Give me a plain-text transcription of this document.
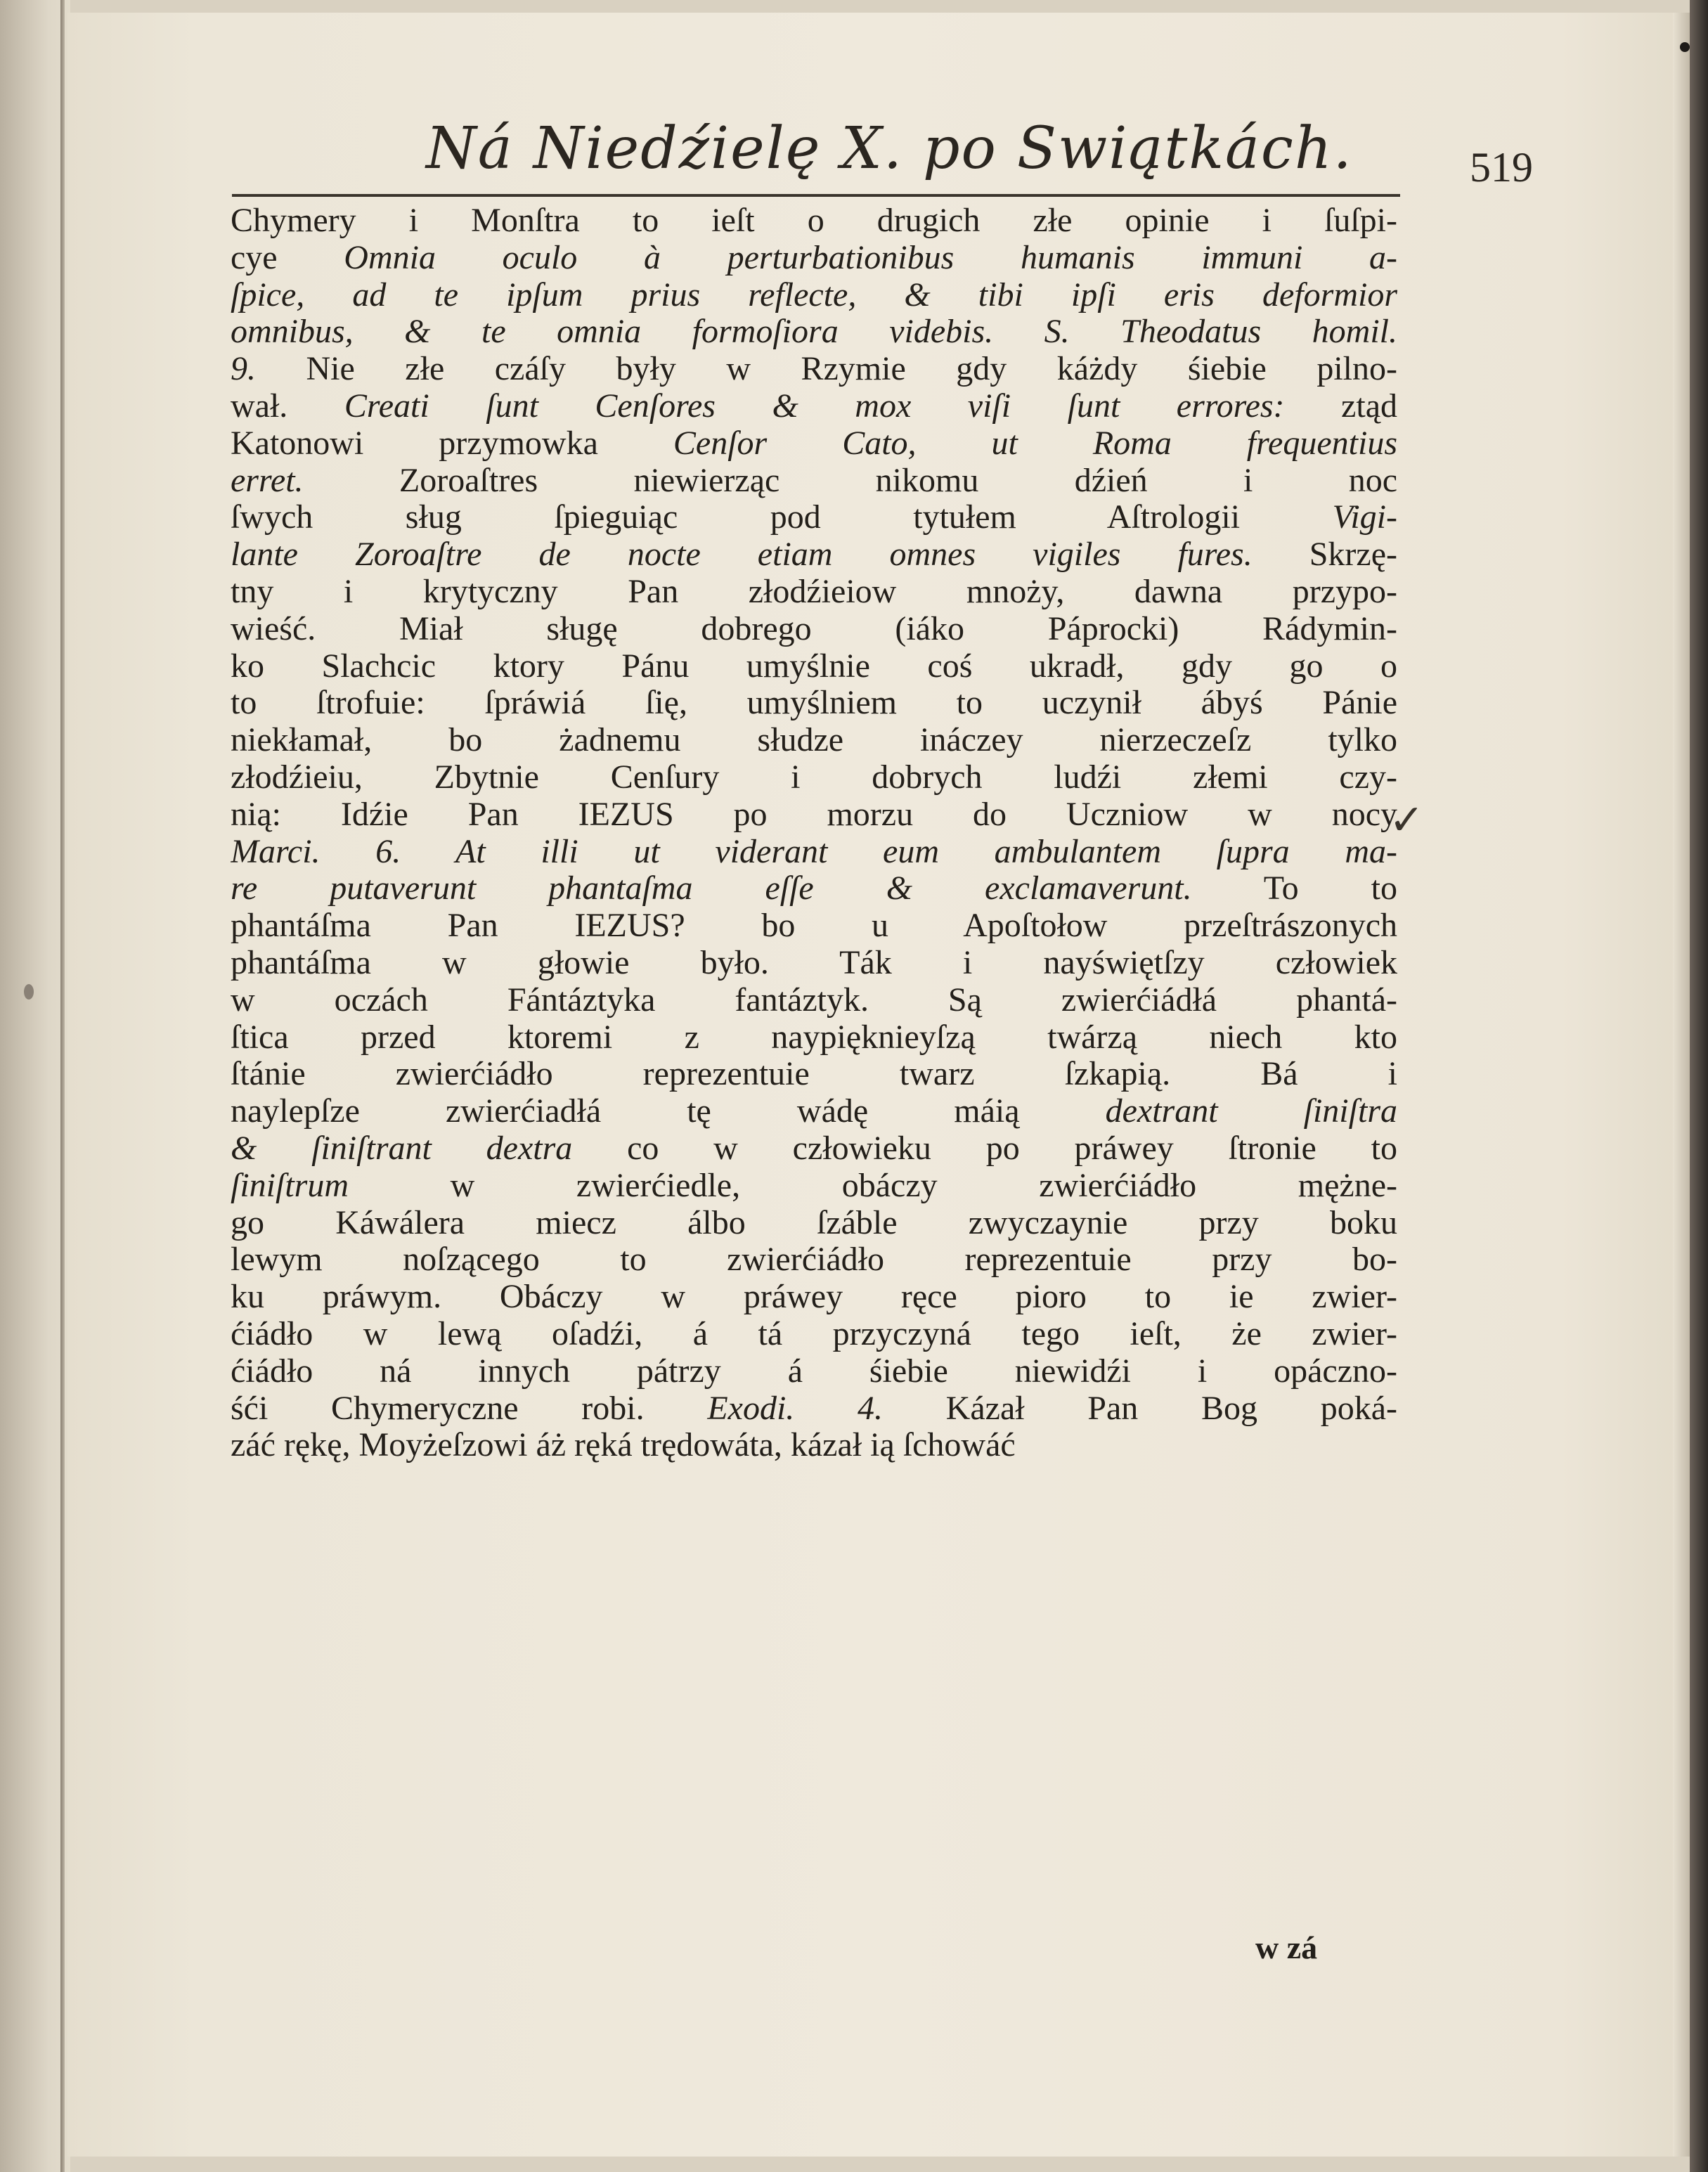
Ná Niedźielę X. po Swiątkách.	519
Chymery i Monſtra to ieſt o drugich złe opinie i ſuſpi-
cye Omnia oculo à perturbationibus humanis immuni a-
ſpice, ad te ipſum prius reflecte, & tibi ipſi eris deformior
omnibus, & te omnia formoſiora videbis. S. Theodatus homil.
9. Nie złe czáſy były w Rzymie gdy káżdy śiebie pilno-
wał. Creati ſunt Cenſores & mox viſi ſunt errores: ztąd
Katonowi przymowka Cenſor Cato, ut Roma frequentius
erret. Zoroaſtres niewierząc nikomu dźień i noc
ſwych sług ſpieguiąc pod tytułem Aſtrologii Vigi-
lante Zoroaſtre de nocte etiam omnes vigiles fures. Skrzę-
tny i krytyczny Pan złodźieiow mnoży, dawna przypo-
wieść. Miał sługę dobrego (iáko Páprocki) Rádymin-
ko Slachcic ktory Pánu umyślnie coś ukradł, gdy go o
to ſtrofuie: ſpráwiá ſię, umyślniem to uczynił ábyś Pánie
niekłamał, bo żadnemu słudze ináczey nierzeczeſz tylko
złodźieiu, Zbytnie Cenſury i dobrych ludźi złemi czy-
nią: Idźie Pan IEZUS po morzu do Uczniow w nocy
Marci. 6. At illi ut viderant eum ambulantem ſupra ma-
re putaverunt phantaſma eſſe & exclamaverunt. To to
phantáſma Pan IEZUS? bo u Apoſtołow przeſtrászonych
phantáſma w głowie było. Ták i nayświętſzy człowiek
w oczách Fántáztyka fantáztyk. Są zwierćiádłá phantá-
ſtica przed ktoremi z naypięknieyſzą twárzą niech kto
ſtánie zwierćiádło reprezentuie twarz ſzkapią. Bá i
naylepſze zwierćiadłá tę wádę máią dextrant ſiniſtra
& ſiniſtrant dextra co w człowieku po práwey ſtronie to
ſiniſtrum w zwierćiedle, obáczy zwierćiádło mężne-
go Káwálera miecz álbo ſzáble zwyczaynie przy boku
lewym noſzącego to zwierćiádło reprezentuie przy bo-
ku práwym. Obáczy w práwey ręce pioro to ie zwier-
ćiádło w lewą oſadźi, á tá przyczyná tego ieſt, że zwier-
ćiádło ná innych pátrzy á śiebie niewidźi i opáczno-
śći Chymeryczne robi. Exodi. 4. Kázał Pan Bog poká-
záć rękę, Moyżeſzowi áż ręká trędowáta, kázał ią ſchowáć
✓
w zá
